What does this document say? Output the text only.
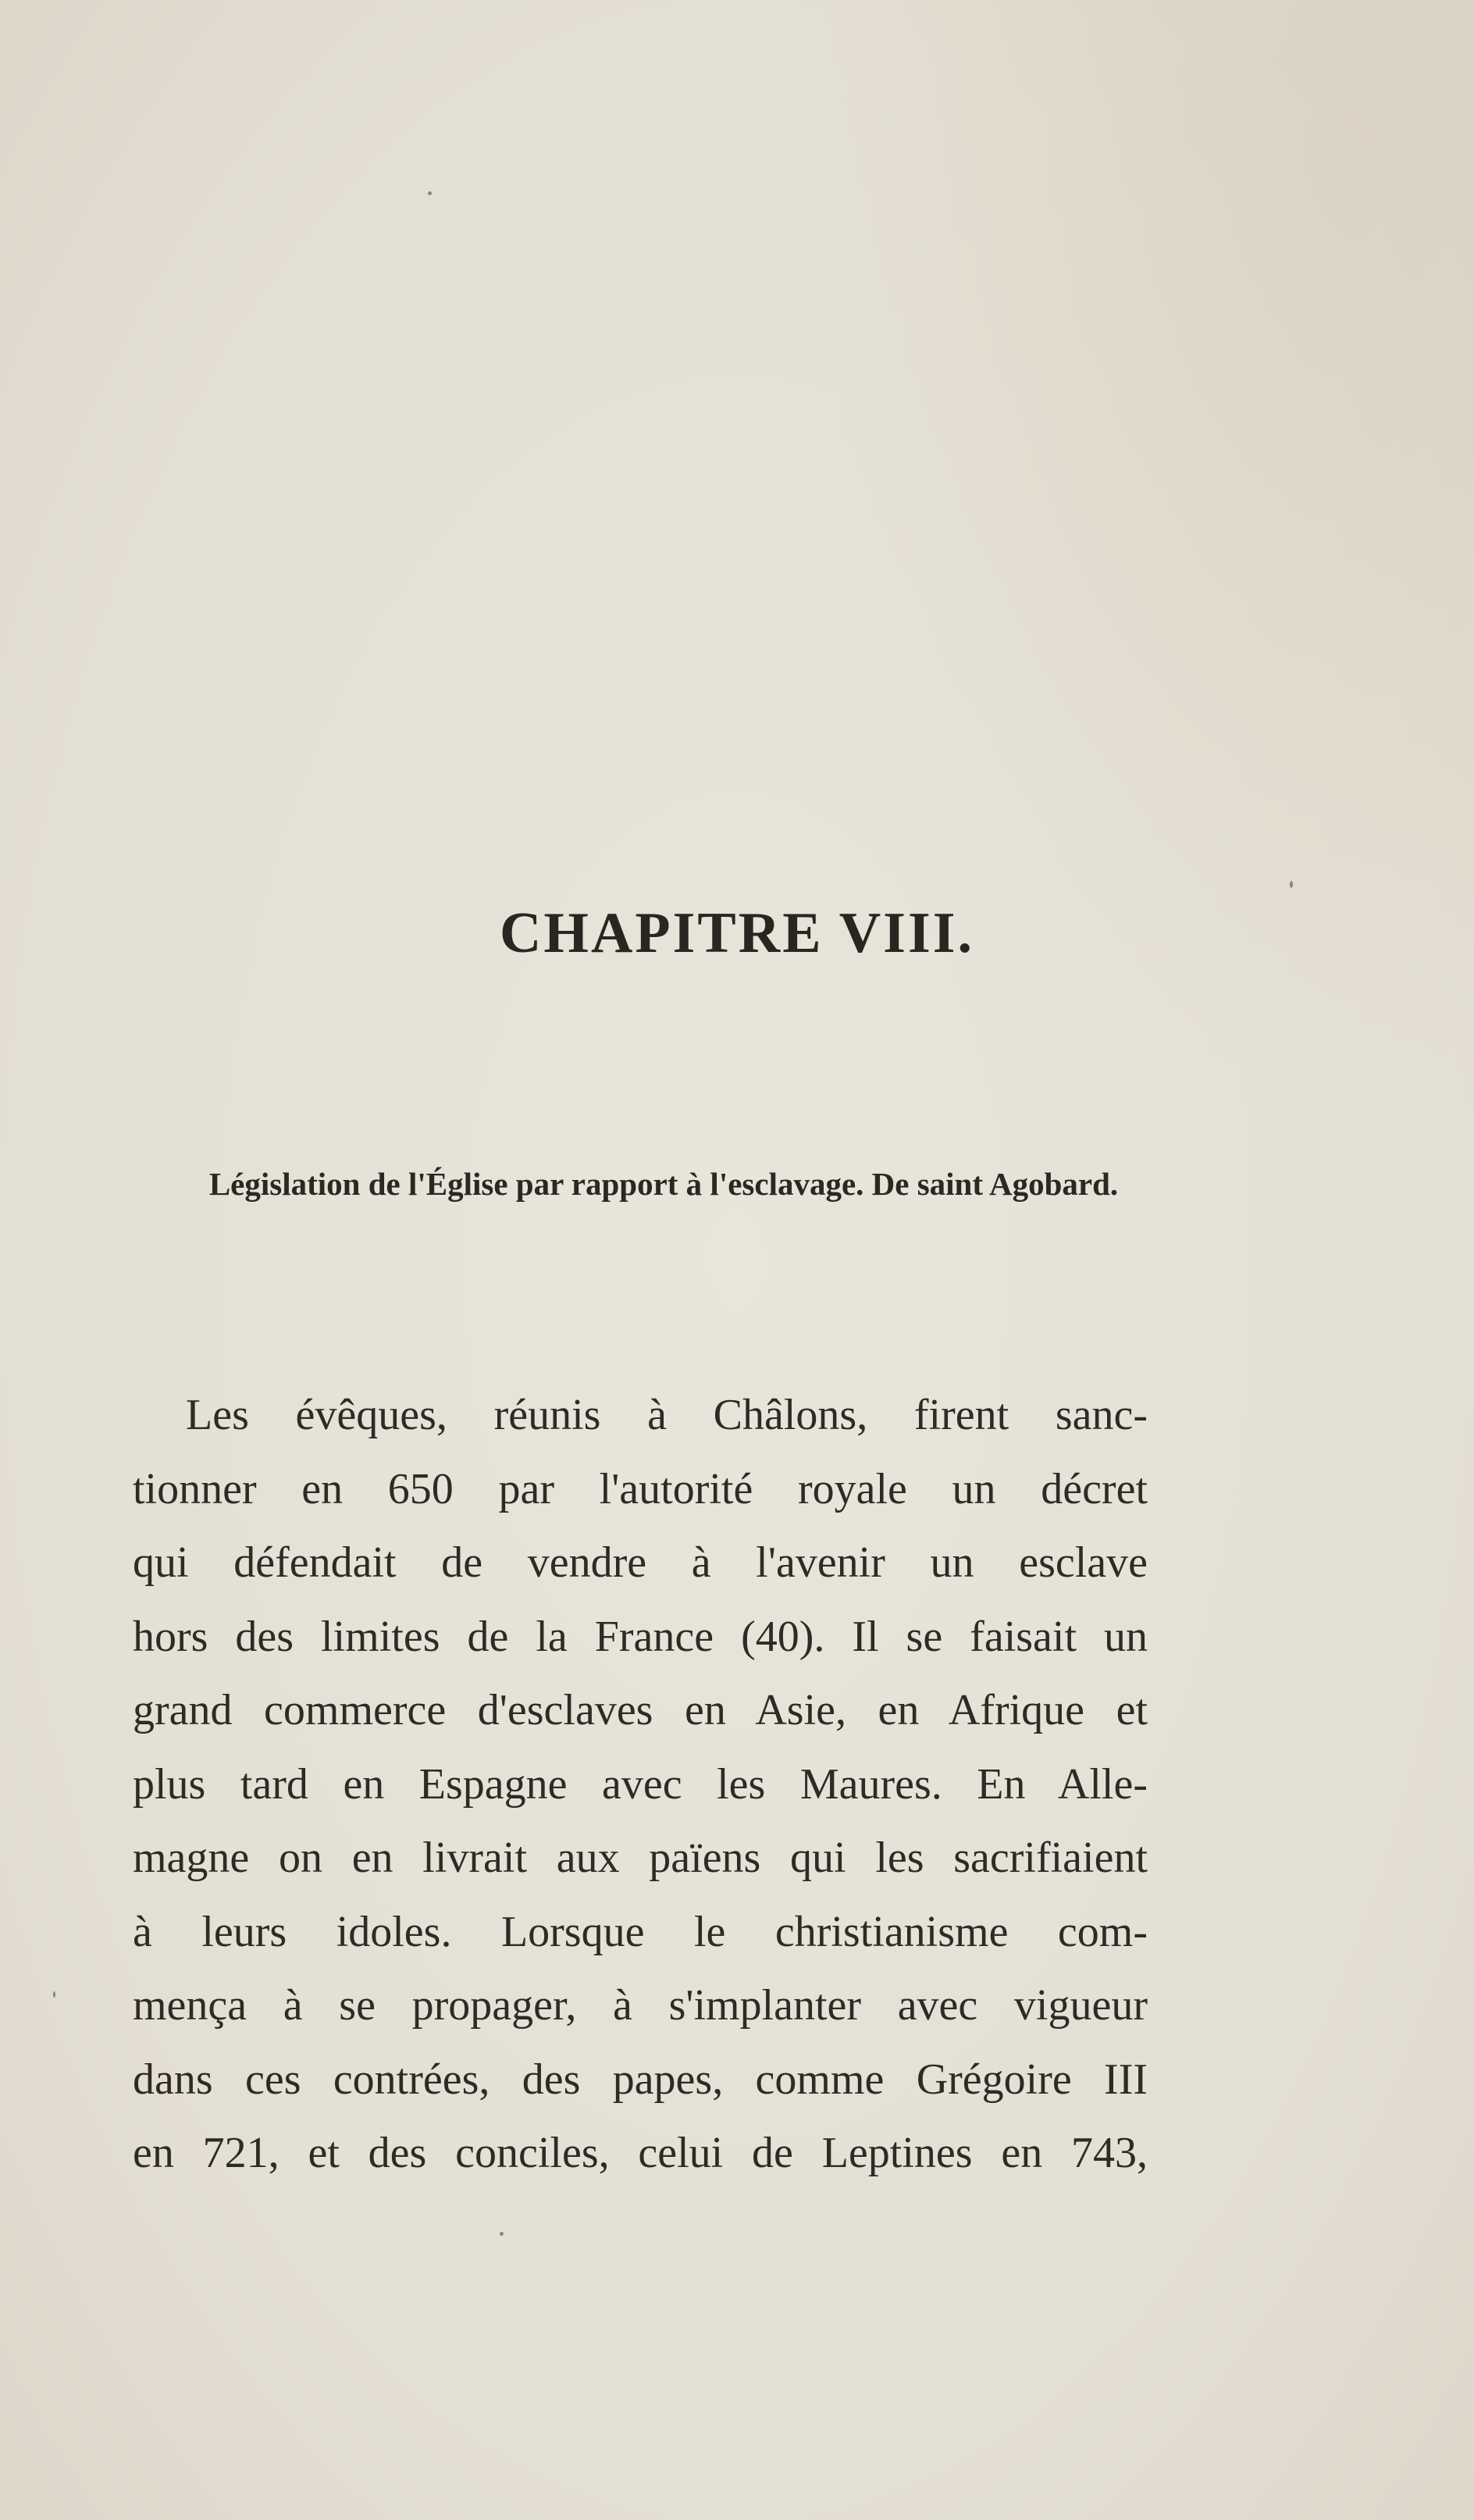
CHAPITRE VIII.
Législation de l'Église par rapport à l'esclavage. De saint Agobard.
Les évêques, réunis à Châlons, firent sanc-
tionner en 650 par l'autorité royale un décret
qui défendait de vendre à l'avenir un esclave
hors des limites de la France (40). Il se faisait un
grand commerce d'esclaves en Asie, en Afrique et
plus tard en Espagne avec les Maures. En Alle-
magne on en livrait aux païens qui les sacrifiaient
à leurs idoles. Lorsque le christianisme com-
mença à se propager, à s'implanter avec vigueur
dans ces contrées, des papes, comme Grégoire III
en 721, et des conciles, celui de Leptines en 743,
